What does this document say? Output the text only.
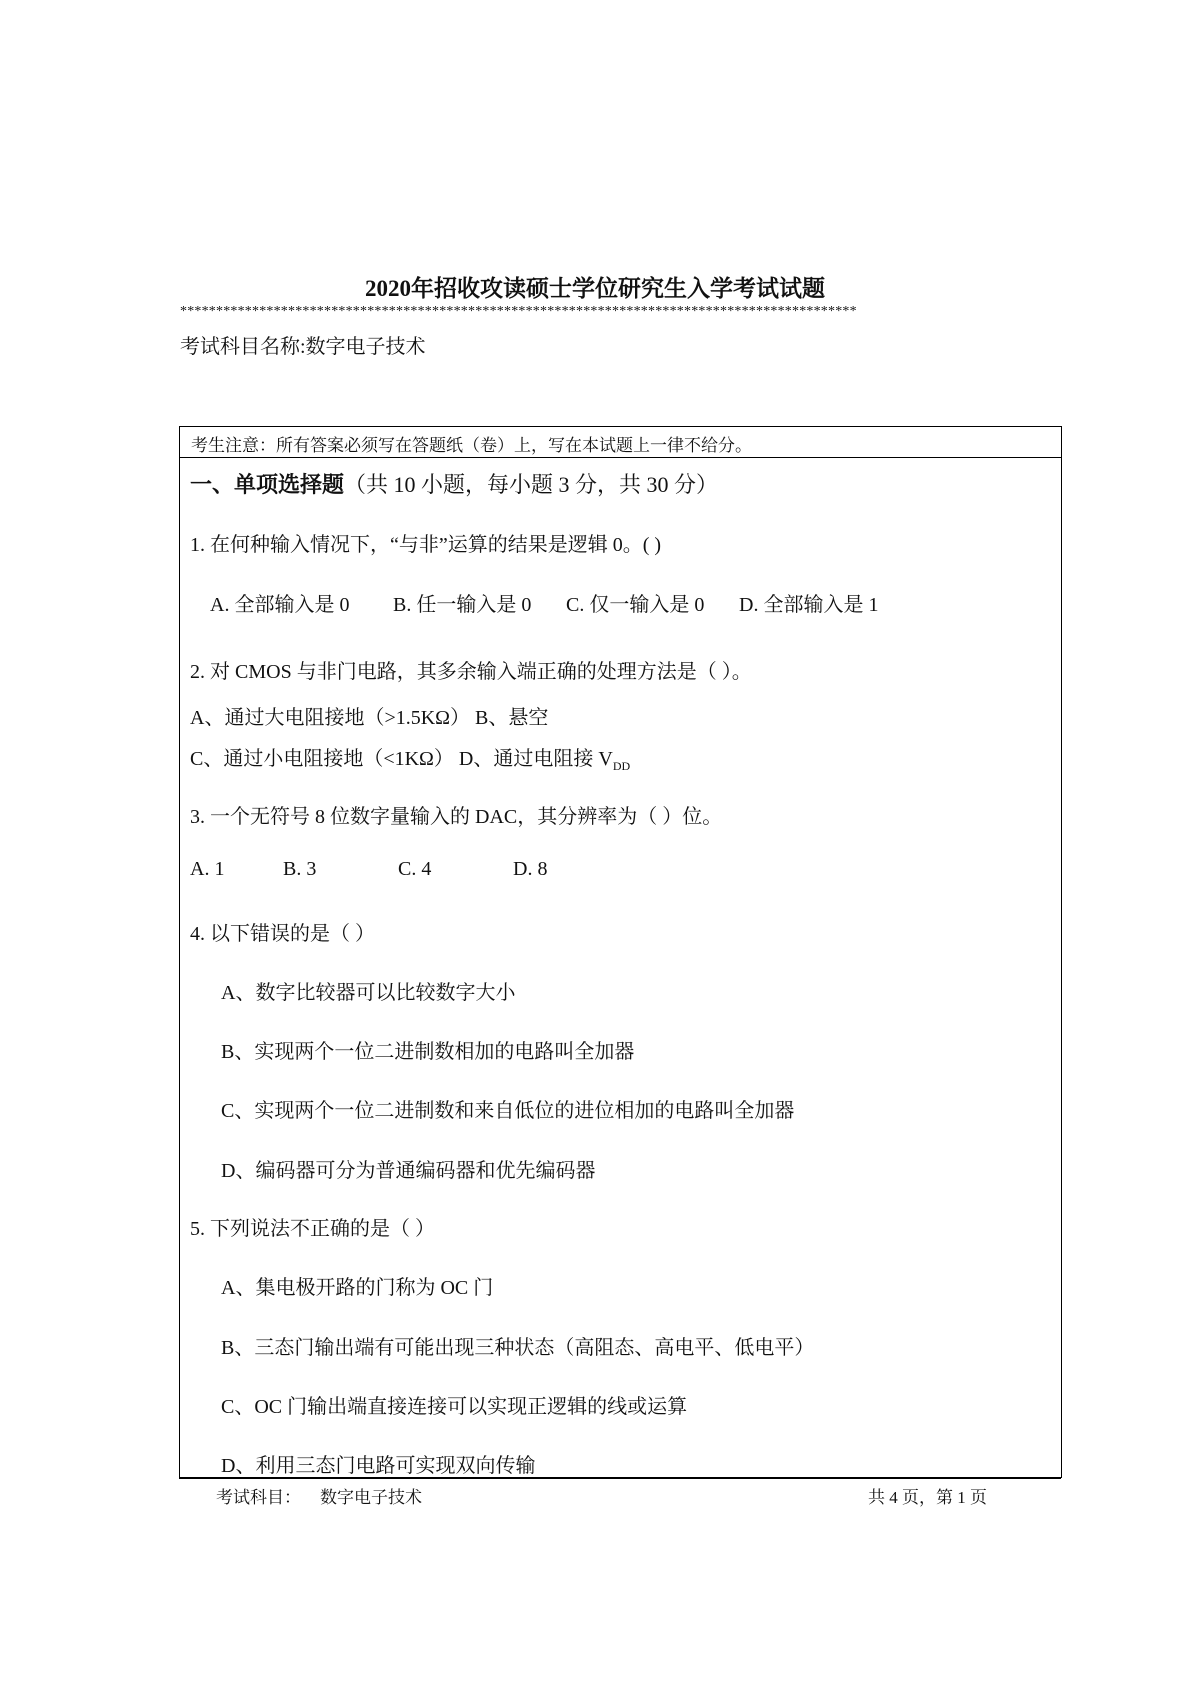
2020年招收攻读硕士学位研究生入学考试试题
**********************************************************************************************
考试科目名称:数字电子技术
考生注意：所有答案必须写在答题纸（卷）上，写在本试题上一律不给分。
一、单项选择题（共 10 小题，每小题 3 分，共 30 分）
1. 在何种输入情况下，“与非”运算的结果是逻辑 0。( )
A. 全部输入是 0 B. 任一输入是 0 C. 仅一输入是 0 D. 全部输入是 1
2. 对 CMOS 与非门电路，其多余输入端正确的处理方法是（ ）。
A、通过大电阻接地（>1.5KΩ） B、悬空
C、通过小电阻接地（<1KΩ） D、通过电阻接 $V_{DD}$
3. 一个无符号 8 位数字量输入的 DAC，其分辨率为（ ）位。
A. 1	B. 3	C. 4	D. 8
4. 以下错误的是（ ）
A、数字比较器可以比较数字大小
B、实现两个一位二进制数相加的电路叫全加器
C、实现两个一位二进制数和来自低位的进位相加的电路叫全加器
D、编码器可分为普通编码器和优先编码器
5. 下列说法不正确的是（ ）
A、集电极开路的门称为 OC 门
B、三态门输出端有可能出现三种状态（高阻态、高电平、低电平）
C、OC 门输出端直接连接可以实现正逻辑的线或运算
D、利用三态门电路可实现双向传输
考试科目： 数字电子技术	共 4 页，第 1 页
